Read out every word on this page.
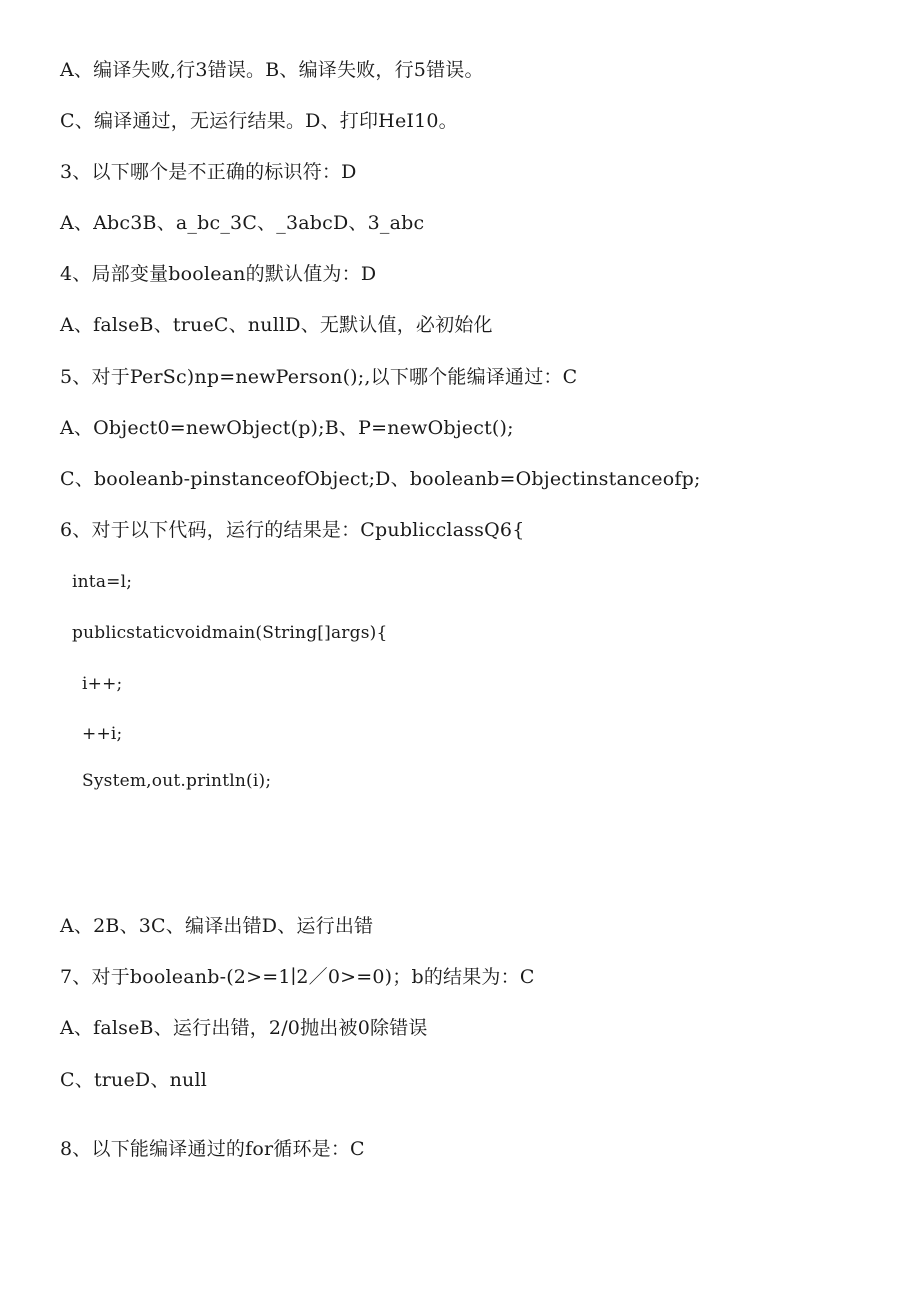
A、编译失败,行3错误。B、编译失败，行5错误。
C、编译通过，无运行结果。D、打印HeI10。
3、以下哪个是不正确的标识符：D
A、Abc3B、a_bc_3C、_3abcD、3_abc
4、局部变量boolean的默认值为：D
A、falseB、trueC、nullD、无默认值，必初始化
5、对于PerSc)np=newPerson();,以下哪个能编译通过：C
A、Object0=newObject(p);B、P=newObject();
C、booleanb-pinstanceofObject;D、booleanb=Objectinstanceofp;
6、对于以下代码，运行的结果是：CpublicclassQ6{
inta=l;
publicstaticvoidmain(String[]args){
i++;
++i;
System,out.println(i);
A、2B、3C、编译出错D、运行出错
7、对于booleanb-(2>=1∣2／0>=0)；b的结果为：C
A、falseB、运行出错，2/0抛出被0除错误
C、trueD、null
8、以下能编译通过的for循环是：C
